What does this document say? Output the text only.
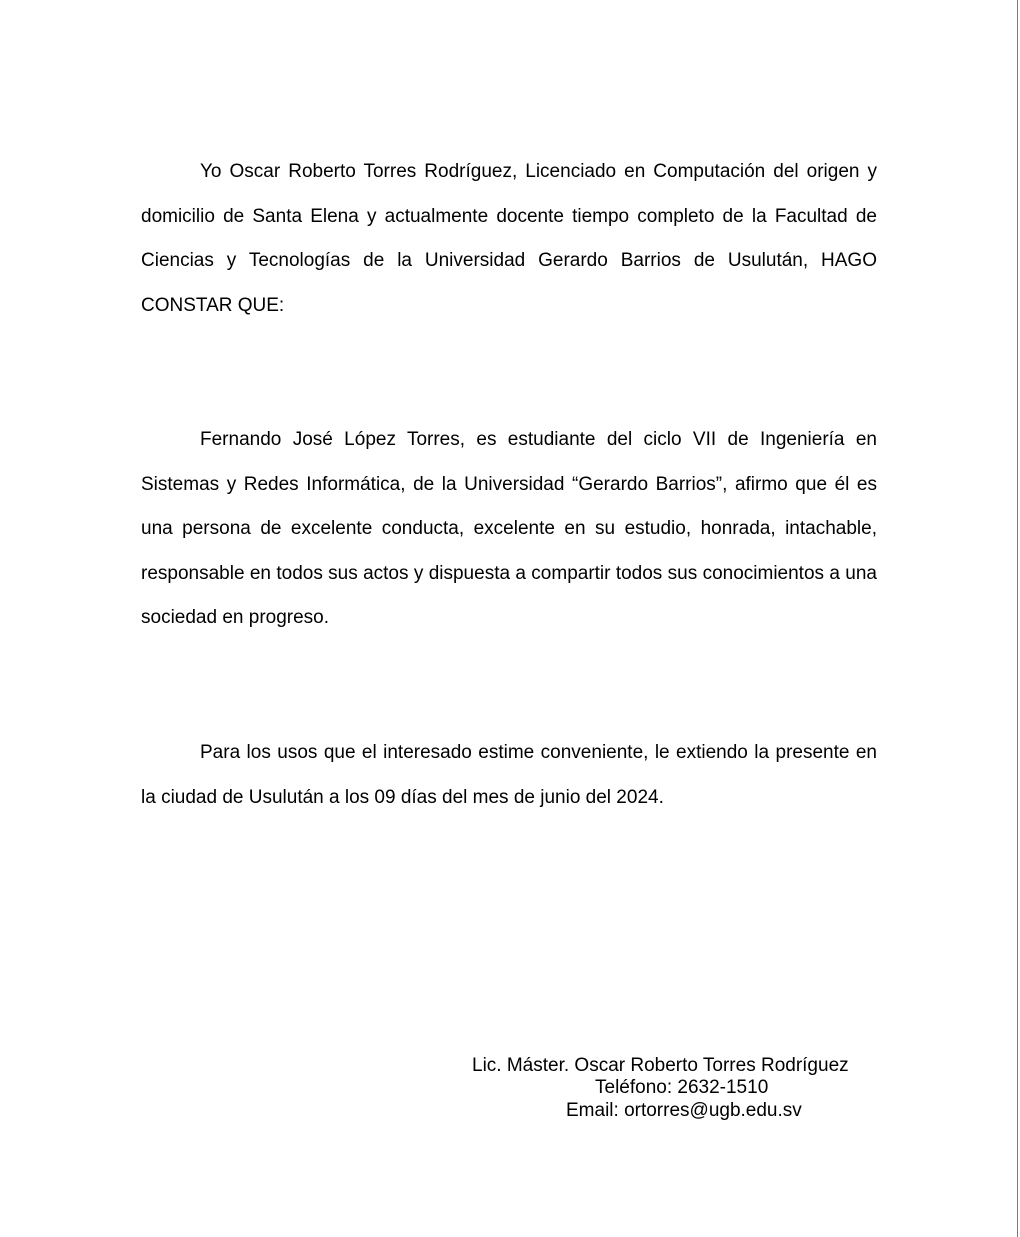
Yo Oscar Roberto Torres Rodríguez, Licenciado en Computación del origen y domicilio de Santa Elena y actualmente docente tiempo completo de la Facultad de Ciencias y Tecnologías de la Universidad Gerardo Barrios de Usulután, HAGO CONSTAR QUE:

Fernando José López Torres, es estudiante del ciclo VII de Ingeniería en Sistemas y Redes Informática, de la Universidad “Gerardo Barrios”, afirmo que él es una persona de excelente conducta, excelente en su estudio, honrada, intachable, responsable en todos sus actos y dispuesta a compartir todos sus conocimientos a una sociedad en progreso.

Para los usos que el interesado estime conveniente, le extiendo la presente en la ciudad de Usulután a los 09 días del mes de junio del 2024.

Lic. Máster. Oscar Roberto Torres Rodríguez
Teléfono: 2632-1510
Email: ortorres@ugb.edu.sv
